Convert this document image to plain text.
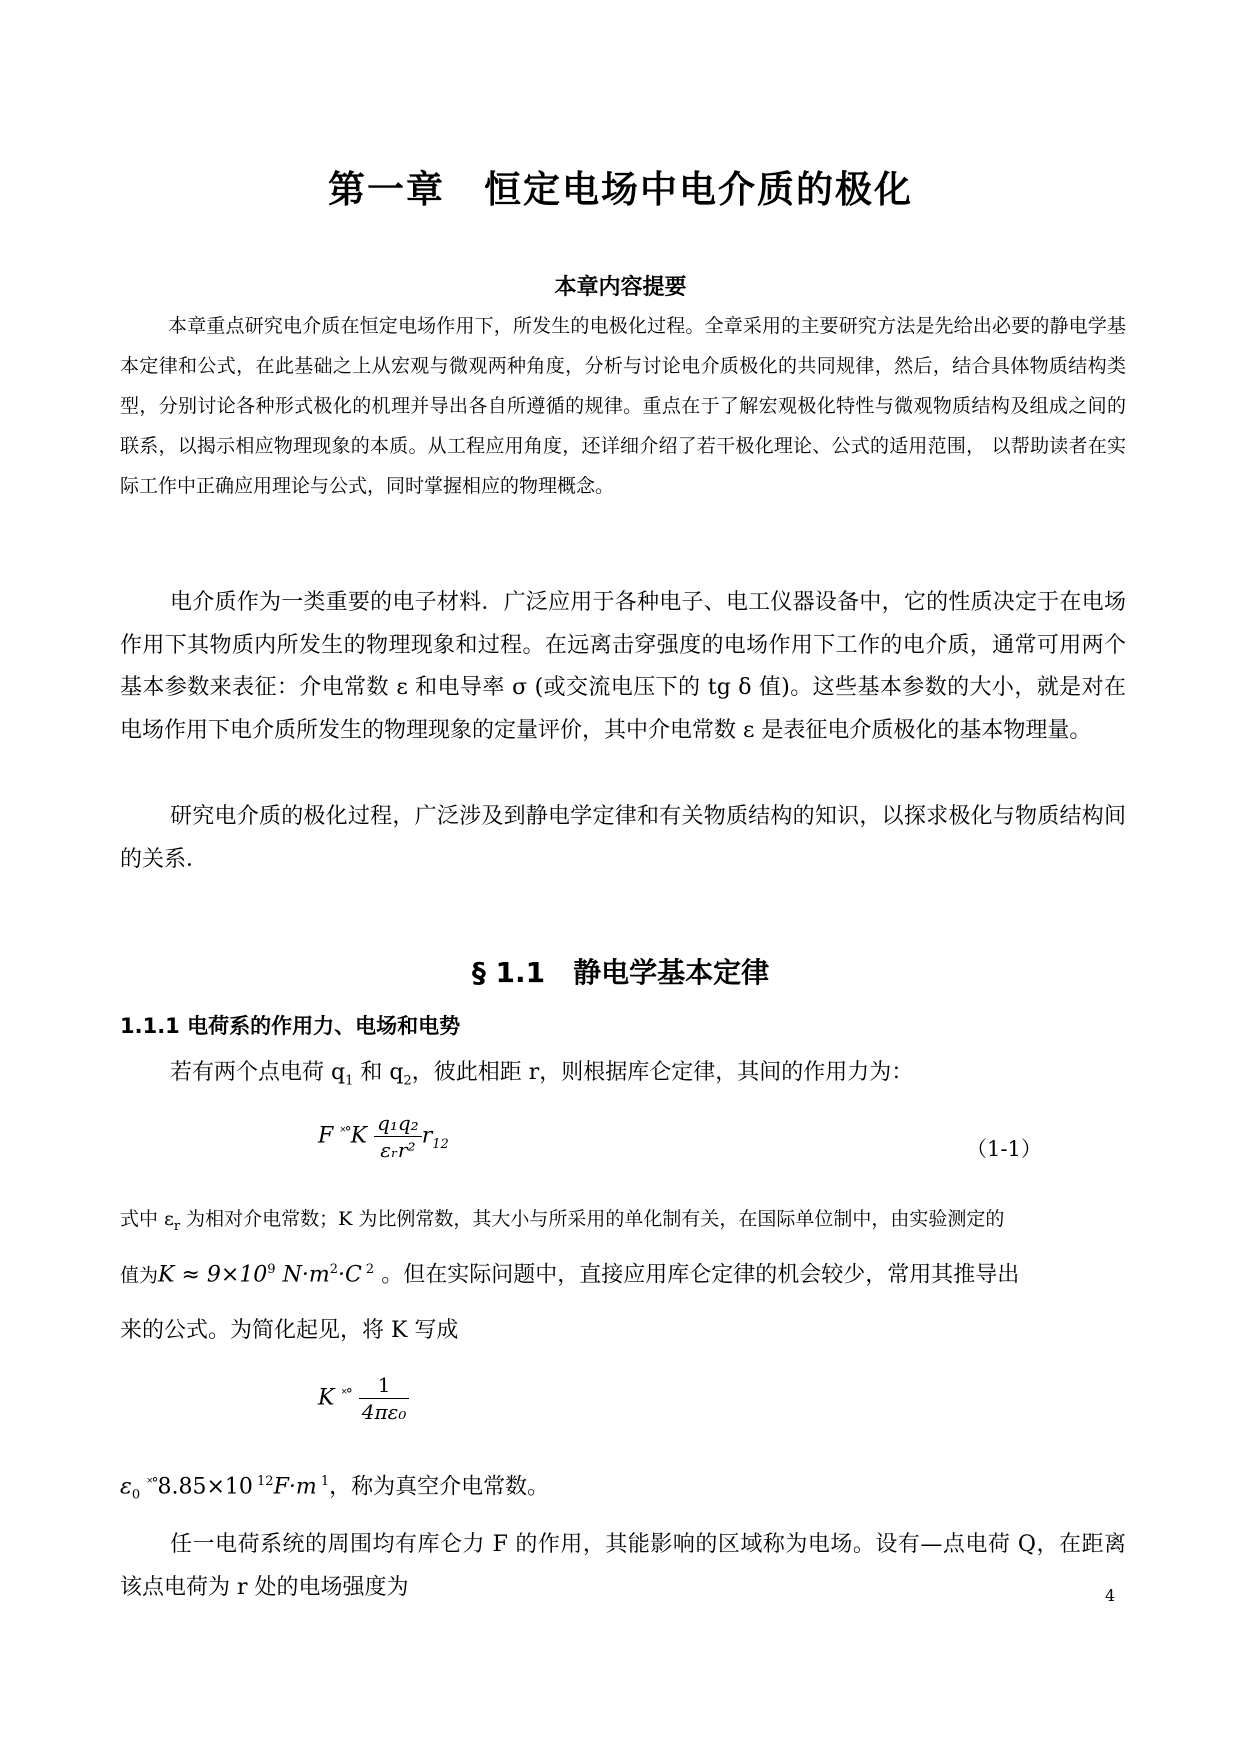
第一章　恒定电场中电介质的极化
本章内容提要

本章重点研究电介质在恒定电场作用下，所发生的电极化过程。全章采用的主要研究方法是先给出必要的静电学基本定律和公式，在此基础之上从宏观与微观两种角度，分析与讨论电介质极化的共同规律，然后，结合具体物质结构类型，分别讨论各种形式极化的机理并导出各自所遵循的规律。重点在于了解宏观极化特性与微观物质结构及组成之间的联系，以揭示相应物理现象的本质。从工程应用角度，还详细介绍了若干极化理论、公式的适用范围， 以帮助读者在实际工作中正确应用理论与公式，同时掌握相应的物理概念。

电介质作为一类重要的电子材料．广泛应用于各种电子、电工仪器设备中，它的性质决定于在电场作用下其物质内所发生的物理现象和过程。在远离击穿强度的电场作用下工作的电介质，通常可用两个基本参数来表征：介电常数 ε 和电导率 σ (或交流电压下的 tg δ 值)。这些基本参数的大小，就是对在电场作用下电介质所发生的物理现象的定量评价，其中介电常数 ε 是表征电介质极化的基本物理量。

研究电介质的极化过程，广泛涉及到静电学定律和有关物质结构的知识，以探求极化与物质结构间的关系．

§ 1.1　静电学基本定律
1.1.1 电荷系的作用力、电场和电势
若有两个点电荷 $q_1$ 和 $q_2$，彼此相距 r，则根据库仑定律，其间的作用力为：
F $^{˟^\circ}K \frac{\text{q₁q₂}}{\text{εᵣr²}} r_{12}$	（1-1）
式中 $\varepsilon_r$ 为相对介电常数；K 为比例常数，其大小与所采用的单化制有关，在国际单位制中，由实验测定的
值为$K \approx 9\times 10^9$ $N\cdot m^2\cdot C$ $^2$ 。但在实际问题中，直接应用库仑定律的机会较少，常用其推导出
来的公式。为简化起见，将 K 写成
K $^{˟^\circ} \frac{1}{\text{4πε₀}}$
$\varepsilon_0$ ˟°8.85×10 $^{12}$F·m $^1$，称为真空介电常数。

任一电荷系统的周围均有库仑力 F 的作用，其能影响的区域称为电场。设有—点电荷 Q，在距离该点电荷为 r 处的电场强度为	4
